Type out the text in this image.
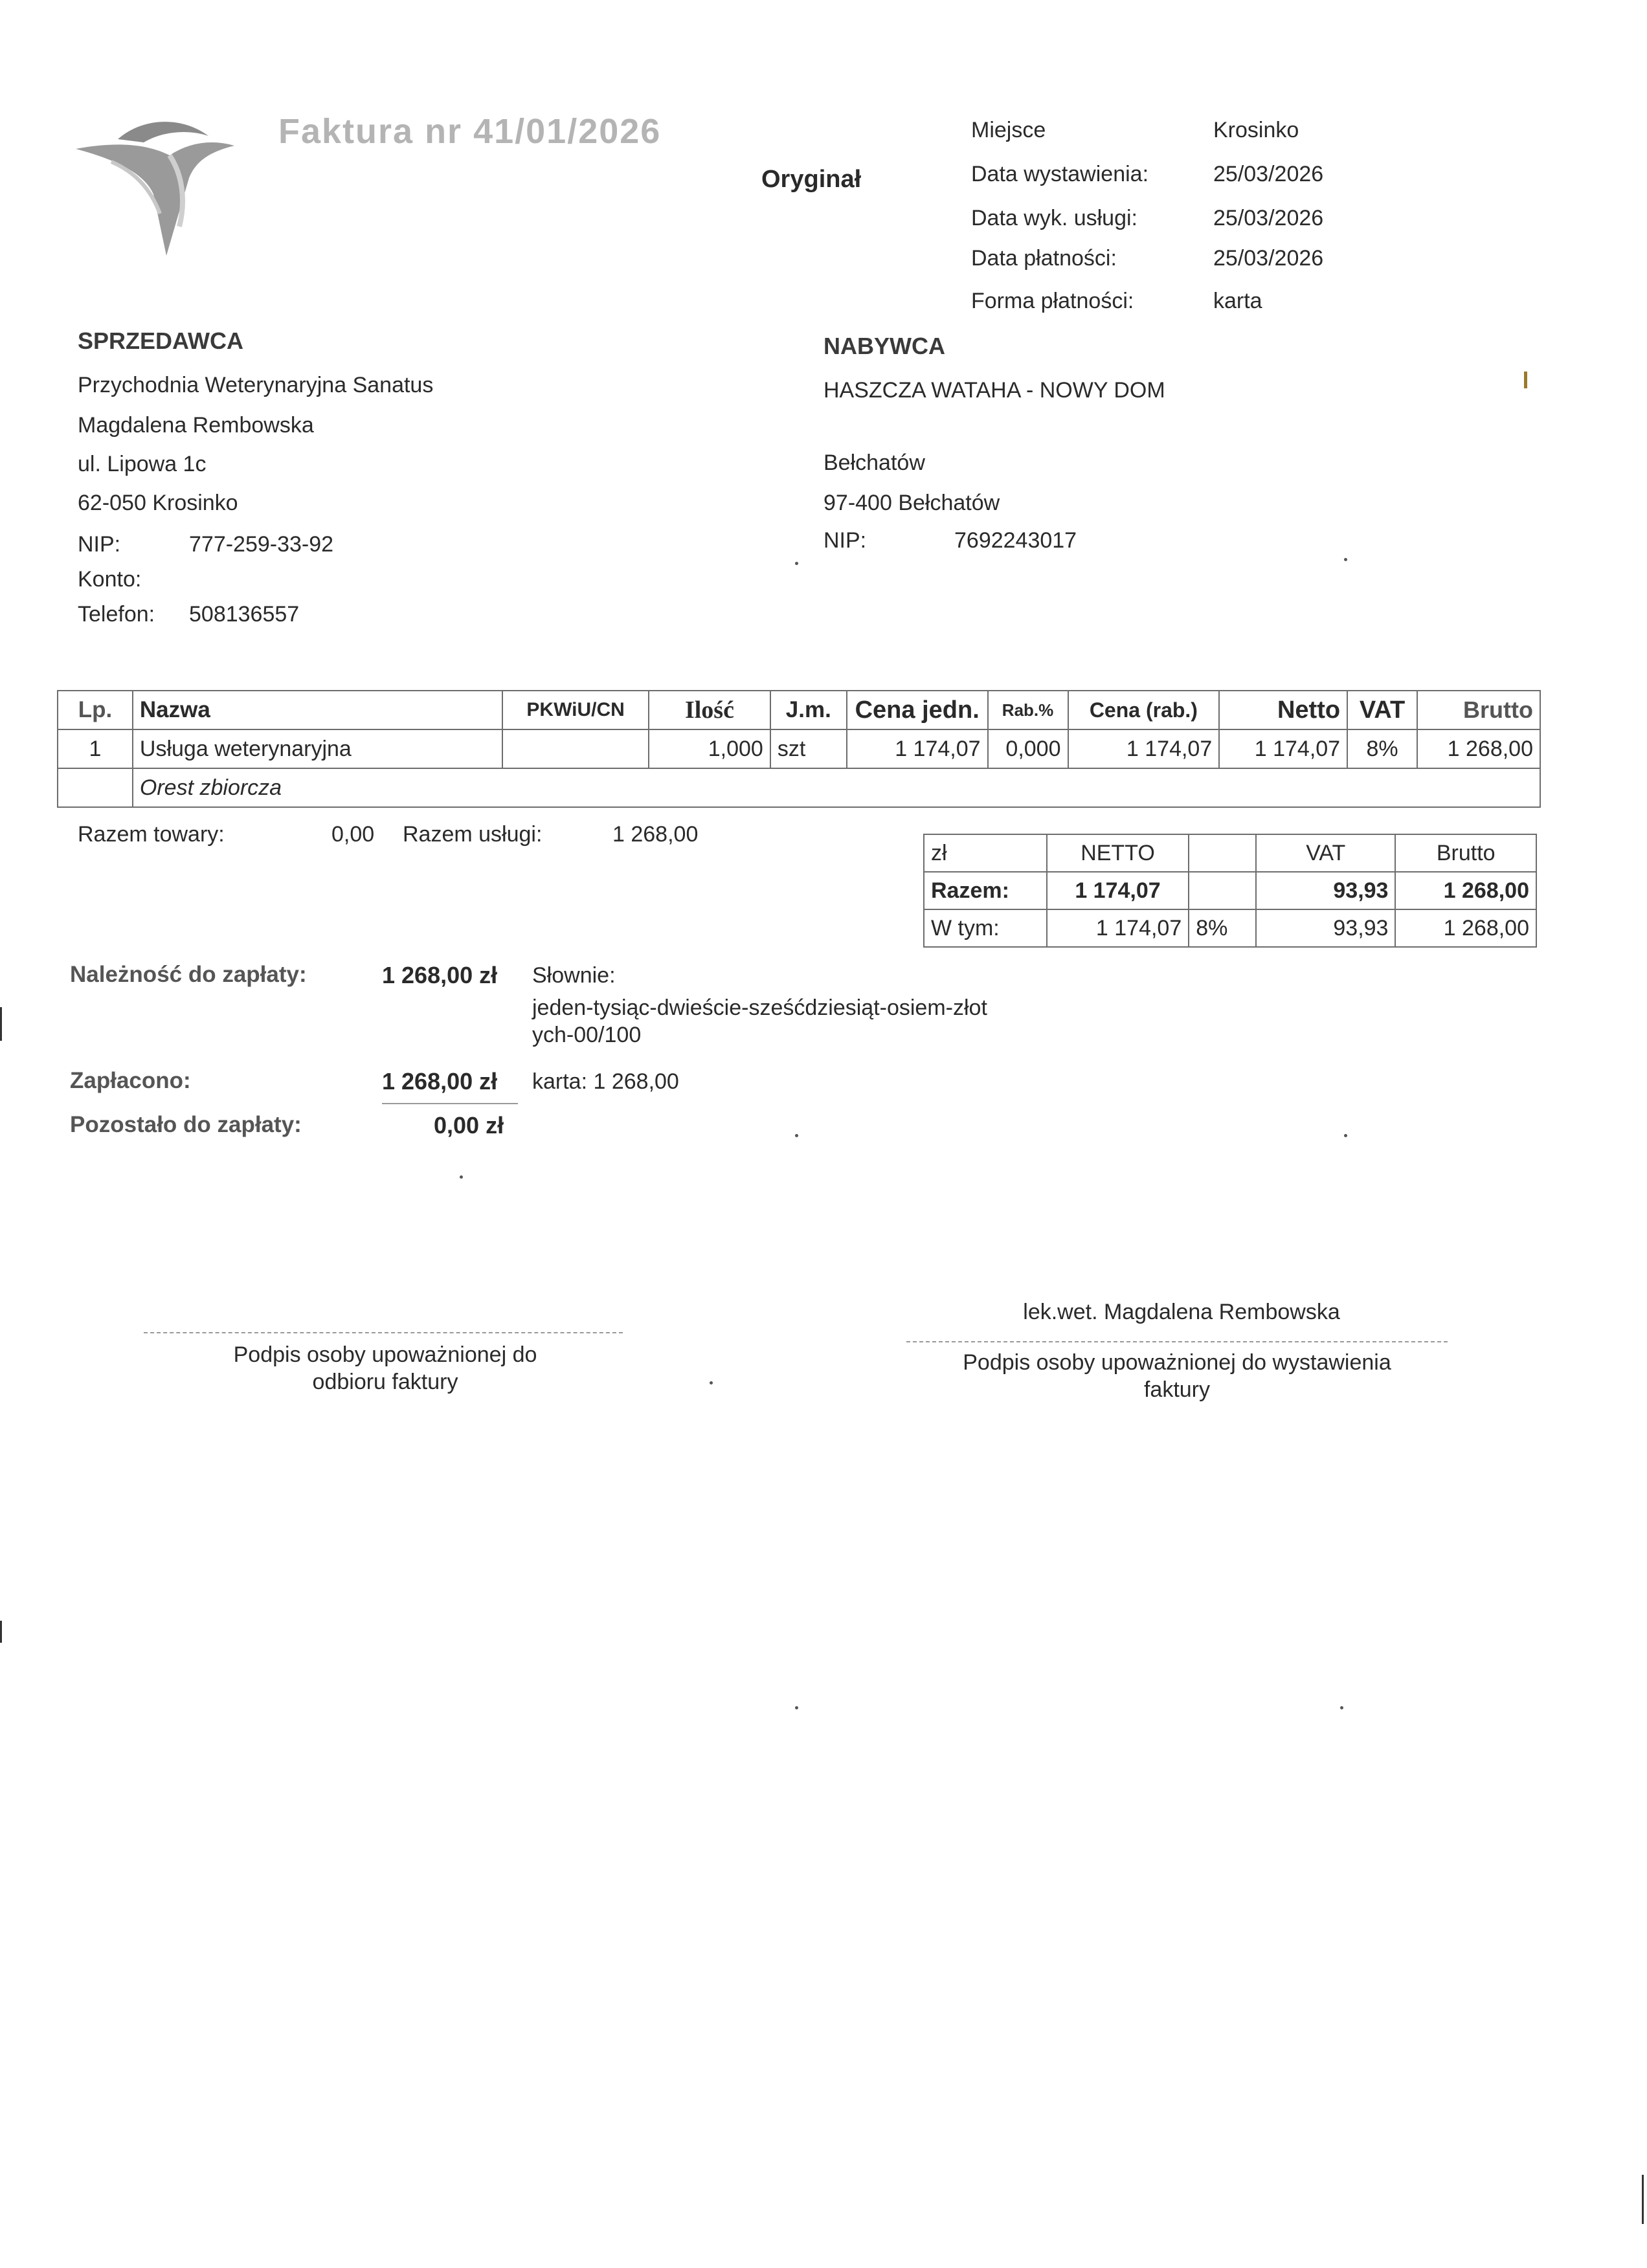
Faktura nr 41/01/2026
Oryginał
Miejsce	Krosinko
Data wystawienia:	25/03/2026
Data wyk. usługi:	25/03/2026
Data płatności:	25/03/2026
Forma płatności:	karta
SPRZEDAWCA
Przychodnia Weterynaryjna Sanatus
Magdalena Rembowska
ul. Lipowa 1c
62-050 Krosinko
NIP:	777-259-33-92
Konto:
Telefon: 508136557
NABYWCA
HASZCZA WATAHA - NOWY DOM
Bełchatów
97-400 Bełchatów
NIP:	7692243017
Lp.	Nazwa	PKWiU/CN	Ilość	J.m.	Cena jedn.	Rab.%	Cena (rab.)	Netto	VAT	Brutto
1	Usługa weterynaryjna		1,000	szt	1 174,07	0,000	1 174,07	1 174,07	8%	1 268,00
	Orest zbiorcza									
Razem towary:	0,00 Razem usługi:	1 268,00
zł	NETTO		VAT	Brutto
Razem:	1 174,07		93,93	1 268,00
W tym:	1 174,07	8%	93,93	1 268,00
Należność do zapłaty:	1 268,00 zł Słownie:
jeden-tysiąc-dwieście-sześćdziesiąt-osiem-złot
ych-00/100
Zapłacono:	1 268,00 zł karta: 1 268,00
Pozostało do zapłaty:	0,00 zł
Podpis osoby upoważnionej do
odbioru faktury
lek.wet. Magdalena Rembowska
Podpis osoby upoważnionej do wystawienia
faktury
